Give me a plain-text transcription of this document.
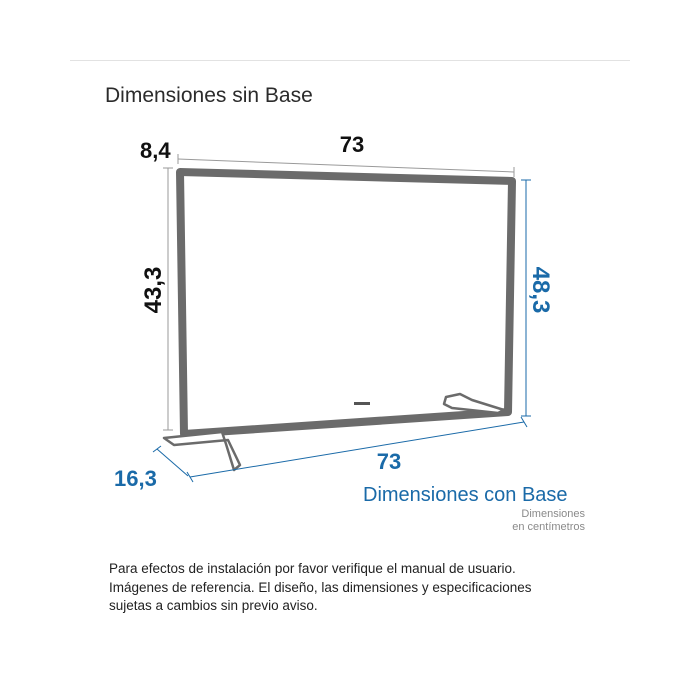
Dimensiones sin Base
8,4	73
43,3	48,3
73
16,3
Dimensiones con Base
Dimensiones
en centímetros
Para efectos de instalación por favor verifique el manual de usuario.
Imágenes de referencia. El diseño, las dimensiones y especificaciones
sujetas a cambios sin previo aviso.
